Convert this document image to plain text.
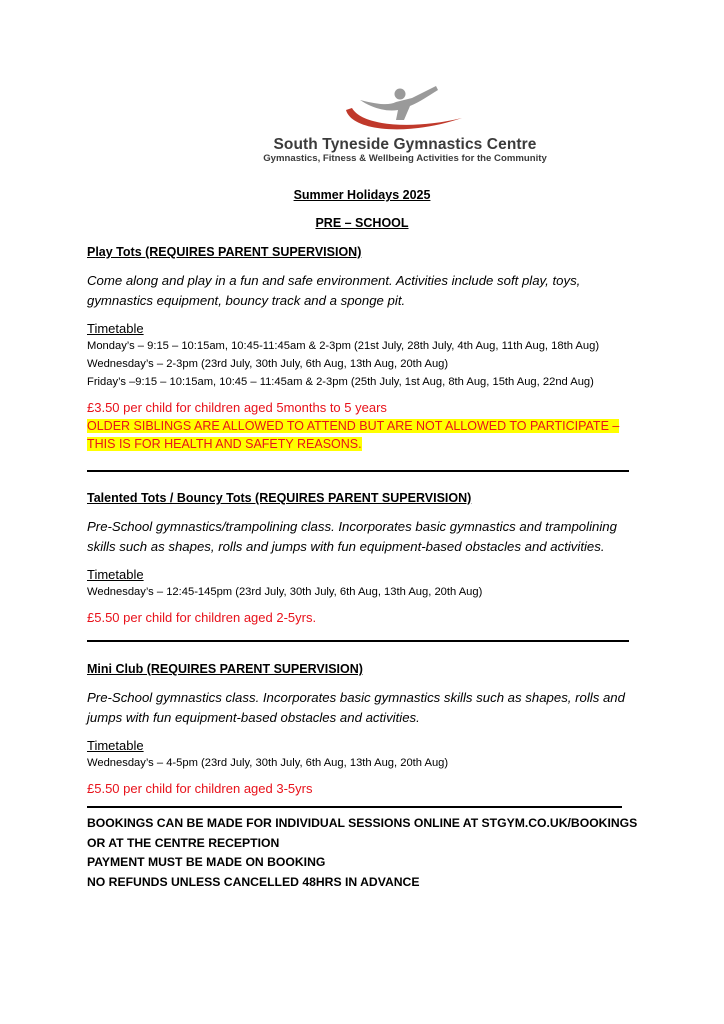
South Tyneside Gymnastics Centre
Gymnastics, Fitness & Wellbeing Activities for the Community
Summer Holidays 2025
PRE – SCHOOL
Play Tots (REQUIRES PARENT SUPERVISION)
Come along and play in a fun and safe environment. Activities include soft play, toys, gymnastics equipment, bouncy track and a sponge pit.
Timetable
Monday’s – 9:15 – 10:15am, 10:45-11:45am & 2-3pm (21st July, 28th July, 4th Aug, 11th Aug, 18th Aug)
Wednesday’s – 2-3pm (23rd July, 30th July, 6th Aug, 13th Aug, 20th Aug)
Friday’s –9:15 – 10:15am, 10:45 – 11:45am & 2-3pm (25th July, 1st Aug, 8th Aug, 15th Aug, 22nd Aug)
£3.50 per child for children aged 5months to 5 years
OLDER SIBLINGS ARE ALLOWED TO ATTEND BUT ARE NOT ALLOWED TO PARTICIPATE – THIS IS FOR HEALTH AND SAFETY REASONS.
Talented Tots / Bouncy Tots (REQUIRES PARENT SUPERVISION)
Pre-School gymnastics/trampolining class. Incorporates basic gymnastics and trampolining skills such as shapes, rolls and jumps with fun equipment-based obstacles and activities.
Timetable
Wednesday’s – 12:45-145pm (23rd July, 30th July, 6th Aug, 13th Aug, 20th Aug)
£5.50 per child for children aged 2-5yrs.
Mini Club (REQUIRES PARENT SUPERVISION)
Pre-School gymnastics class. Incorporates basic gymnastics skills such as shapes, rolls and jumps with fun equipment-based obstacles and activities.
Timetable
Wednesday’s – 4-5pm (23rd July, 30th July, 6th Aug, 13th Aug, 20th Aug)
£5.50 per child for children aged 3-5yrs
BOOKINGS CAN BE MADE FOR INDIVIDUAL SESSIONS ONLINE AT STGYM.CO.UK/BOOKINGS
OR AT THE CENTRE RECEPTION
PAYMENT MUST BE MADE ON BOOKING
NO REFUNDS UNLESS CANCELLED 48HRS IN ADVANCE
